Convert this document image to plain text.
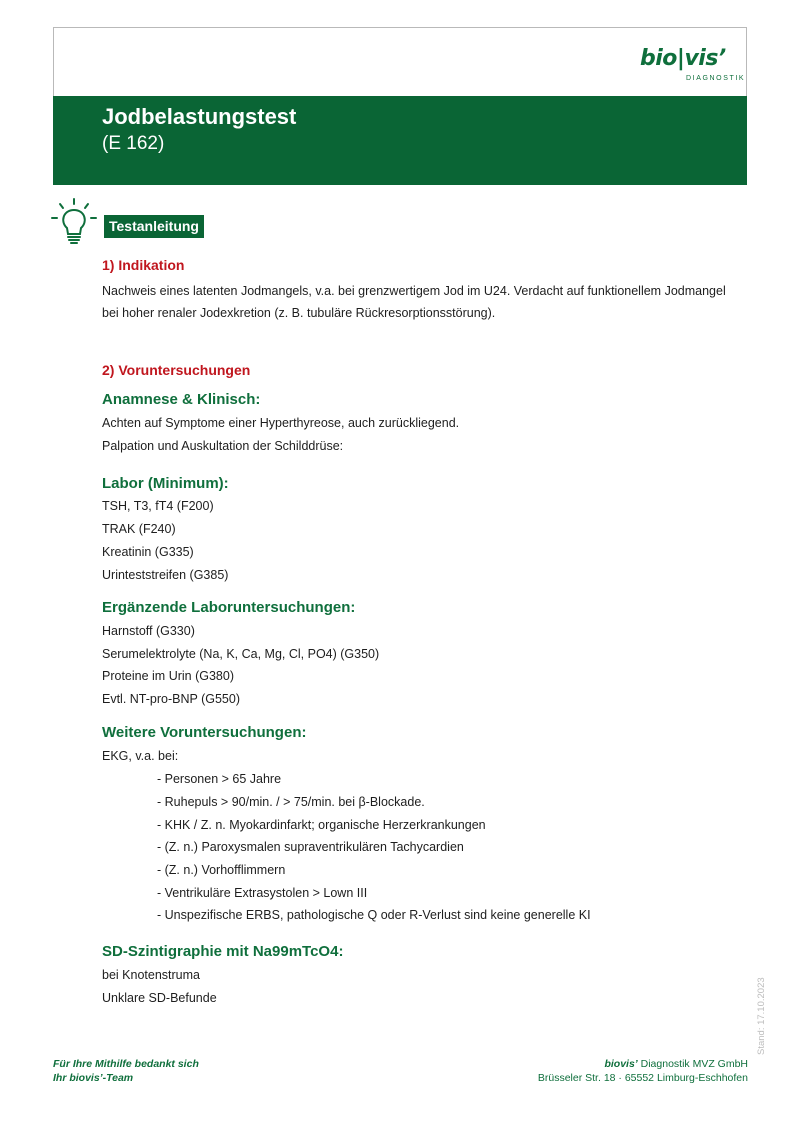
bio|vis’
DIAGNOSTIK
Jodbelastungstest
(E 162)
Testanleitung
1) Indikation
Nachweis eines latenten Jodmangels, v.a. bei grenzwertigem Jod im U24. Verdacht auf funktionellem Jodmangel
bei hoher renaler Jodexkretion (z. B. tubuläre Rückresorptionsstörung).
2) Voruntersuchungen
Anamnese & Klinisch:
Achten auf Symptome einer Hyperthyreose, auch zurückliegend.
Palpation und Auskultation der Schilddrüse:
Labor (Minimum):
TSH, T3, fT4 (F200)
TRAK (F240)
Kreatinin (G335)
Urinteststreifen (G385)
Ergänzende Laboruntersuchungen:
Harnstoff (G330)
Serumelektrolyte (Na, K, Ca, Mg, Cl, PO4) (G350)
Proteine im Urin (G380)
Evtl. NT-pro-BNP (G550)
Weitere Voruntersuchungen:
EKG, v.a. bei:
- Personen > 65 Jahre
- Ruhepuls > 90/min. / > 75/min. bei β-Blockade.
- KHK / Z. n. Myokardinfarkt; organische Herzerkrankungen
- (Z. n.) Paroxysmalen supraventrikulären Tachycardien
- (Z. n.) Vorhofflimmern
- Ventrikuläre Extrasystolen > Lown III
- Unspezifische ERBS, pathologische Q oder R-Verlust sind keine generelle KI
SD-Szintigraphie mit Na99mTcO4:
bei Knotenstruma
Unklare SD-Befunde	Stand: 17.10.2023
Für Ihre Mithilfe bedankt sich
Ihr biovis’-Team
biovis’ Diagnostik MVZ GmbH
Brüsseler Str. 18 · 65552 Limburg-Eschhofen
